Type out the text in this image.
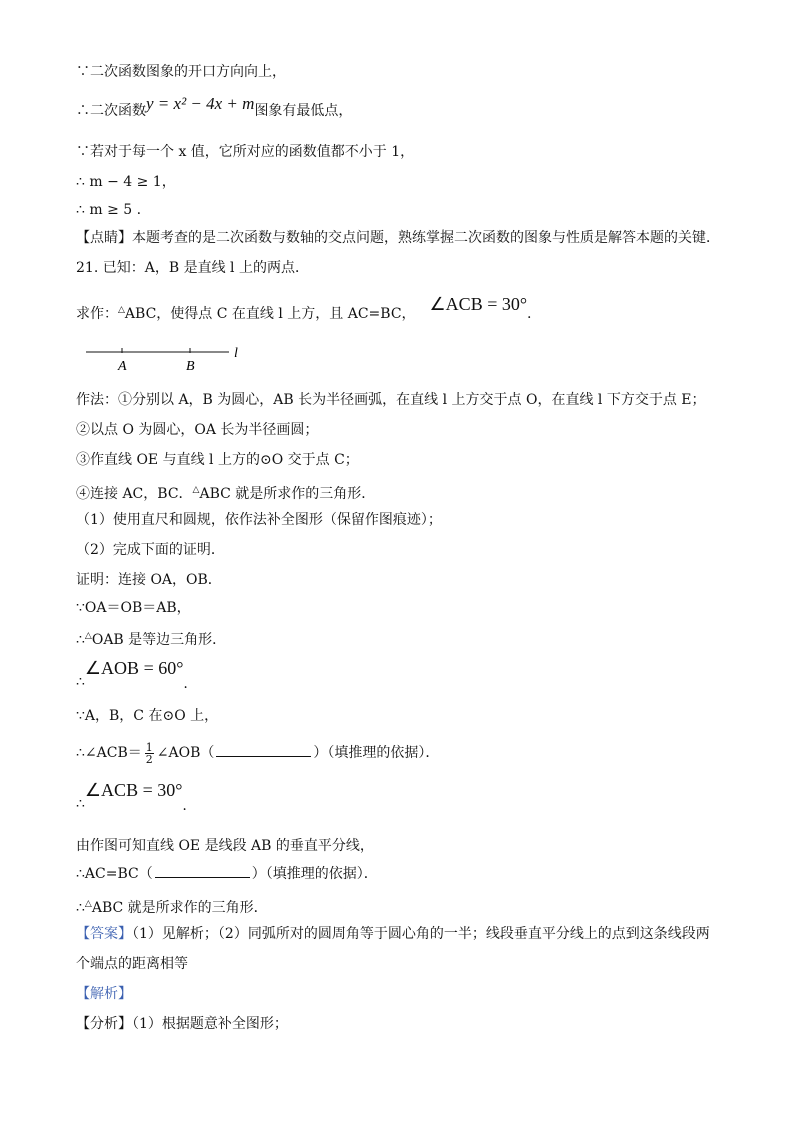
∵二次函数图象的开口方向向上，
∴二次函数y = x² − 4x + m图象有最低点，
∵若对于每一个 x 值，它所对应的函数值都不小于 1，
∴ m − 4 ≥ 1，
∴ m ≥ 5 .
【点睛】本题考查的是二次函数与数轴的交点问题，熟练掌握二次函数的图象与性质是解答本题的关键．
21. 已知：A，B 是直线 l 上的两点．
求作：△ABC，使得点 C 在直线 l 上方，且 AC=BC， ∠ACB = 30°.
A	B
l
作法：①分别以 A，B 为圆心，AB 长为半径画弧，在直线 l 上方交于点 O，在直线 l 下方交于点 E；
②以点 O 为圆心，OA 长为半径画圆；
③作直线 OE 与直线 l 上方的⊙O 交于点 C；
④连接 AC，BC．△ABC 就是所求作的三角形．
（1）使用直尺和圆规，依作法补全图形（保留作图痕迹）；
（2）完成下面的证明．
证明：连接 OA，OB．
∵OA＝OB＝AB，
∴△OAB 是等边三角形．
∴∠AOB = 60°.
∵A，B，C 在⊙O 上，
∴∠ACB＝ $\frac{1}{2}$ ∠AOB（	）（填推理的依据）．
∴∠ACB = 30°.
由作图可知直线 OE 是线段 AB 的垂直平分线，
∴AC=BC（	）（填推理的依据）．
∴△ABC 就是所求作的三角形．
【答案】（1）见解析；（2）同弧所对的圆周角等于圆心角的一半；线段垂直平分线上的点到这条线段两
个端点的距离相等
【解析】
【分析】（1）根据题意补全图形；
